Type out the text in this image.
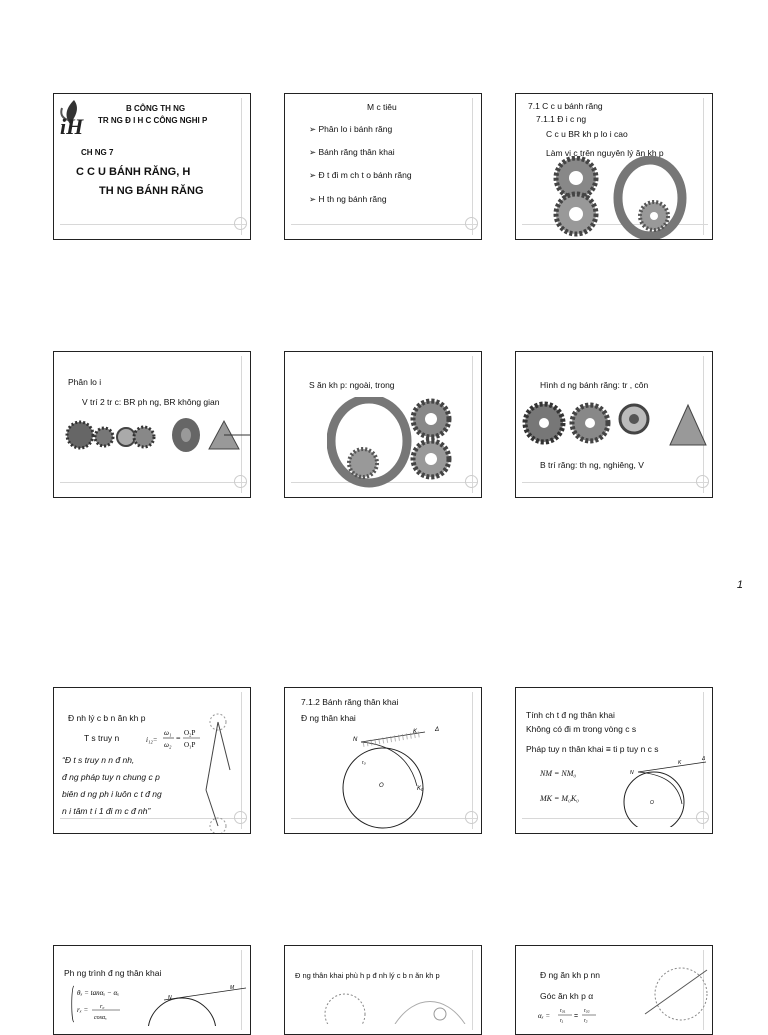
iH
B CÔNG TH NG
TR NG Đ I H C CÔNG NGHI P
CH NG 7
C C U BÁNH RĂNG, H
TH NG BÁNH RĂNG
M c tiêu
➢ Phân lo i bánh răng
➢ Bánh răng thân khai
➢ Đ t đi m ch t o bánh răng
➢ H th ng bánh răng
7.1 C c u bánh răng
7.1.1 Đ i c ng
C c u BR kh p lo i cao
Làm vi c trên nguyên lý ăn kh p
Phân lo i
V trí 2 tr c: BR ph ng, BR không gian
S ăn kh p: ngoài, trong	Hình d ng bánh răng: tr , côn
B trí răng: th ng, nghiêng, V
1
Đ nh lý c b n ăn kh p
T s truy n	i₁₂=
ω₁
ω₂
=
O₂P
O₁P
“Đ t s truy n n đ nh,
đ ng pháp tuy n chung c p
biên d ng ph i luôn c t đ ng
n i tâm t i 1 đi m c đ nh”
7.1.2 Bánh răng thân khai
Đ ng thân khai
N
K	Δ
O	K₀
r₀
Tính ch t đ ng thân khai
Không có đi m trong vòng c s
Pháp tuy n thân khai ≡ ti p tuy n c s
NM = NM₀
MK = M₀K₀
N
K
Δ
O
Ph ng trình đ ng thân khai
θₓ = tanαₓ − αₓ
rₓ = r₀
cosαₓ
N
M
Đ ng thân khai phù h p đ nh lý c b n ăn kh p	Đ ng ăn kh p nn
Góc ăn kh p α
αₓ =
r₀₁
r₁
=
r₀₂
r₂
